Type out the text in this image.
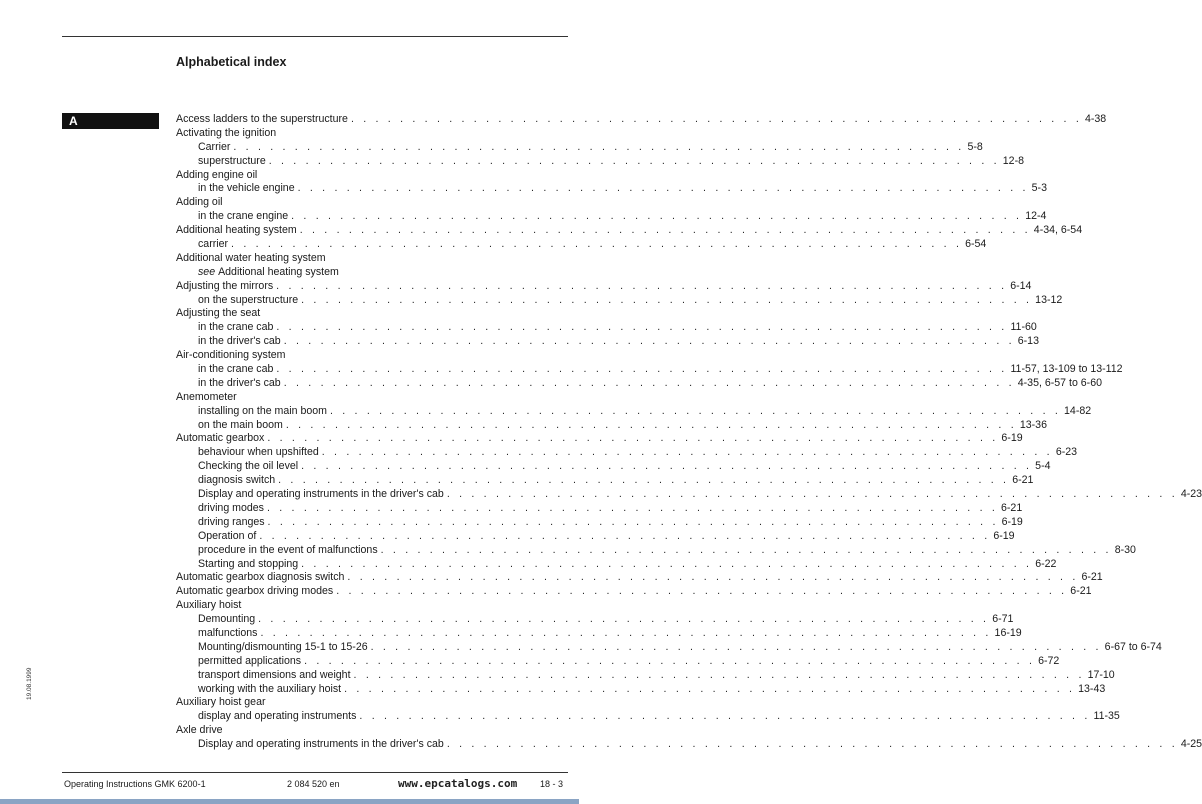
Alphabetical index
A	Access ladders to the superstructure . . . . . . . . . . . . . . . . . . . . . . . . . . . . . . . . . . . . . . . . . . . . . . . . . . . . . . . . . . . . 4-38
Activating the ignition
Carrier . . . . . . . . . . . . . . . . . . . . . . . . . . . . . . . . . . . . . . . . . . . . . . . . . . . . . . . . . . . . 5-8
superstructure . . . . . . . . . . . . . . . . . . . . . . . . . . . . . . . . . . . . . . . . . . . . . . . . . . . . . . . . . . . . 12-8
Adding engine oil
in the vehicle engine . . . . . . . . . . . . . . . . . . . . . . . . . . . . . . . . . . . . . . . . . . . . . . . . . . . . . . . . . . . . 5-3
Adding oil
in the crane engine . . . . . . . . . . . . . . . . . . . . . . . . . . . . . . . . . . . . . . . . . . . . . . . . . . . . . . . . . . . . 12-4
Additional heating system . . . . . . . . . . . . . . . . . . . . . . . . . . . . . . . . . . . . . . . . . . . . . . . . . . . . . . . . . . . . 4-34, 6-54
carrier . . . . . . . . . . . . . . . . . . . . . . . . . . . . . . . . . . . . . . . . . . . . . . . . . . . . . . . . . . . . 6-54
Additional water heating system
see Additional heating system
Adjusting the mirrors . . . . . . . . . . . . . . . . . . . . . . . . . . . . . . . . . . . . . . . . . . . . . . . . . . . . . . . . . . . . 6-14
on the superstructure . . . . . . . . . . . . . . . . . . . . . . . . . . . . . . . . . . . . . . . . . . . . . . . . . . . . . . . . . . . . 13-12
Adjusting the seat
in the crane cab . . . . . . . . . . . . . . . . . . . . . . . . . . . . . . . . . . . . . . . . . . . . . . . . . . . . . . . . . . . . 11-60
in the driver's cab . . . . . . . . . . . . . . . . . . . . . . . . . . . . . . . . . . . . . . . . . . . . . . . . . . . . . . . . . . . . 6-13
Air-conditioning system
in the crane cab . . . . . . . . . . . . . . . . . . . . . . . . . . . . . . . . . . . . . . . . . . . . . . . . . . . . . . . . . . . . 11-57, 13-109 to 13-112
in the driver's cab . . . . . . . . . . . . . . . . . . . . . . . . . . . . . . . . . . . . . . . . . . . . . . . . . . . . . . . . . . . . 4-35, 6-57 to 6-60
Anemometer
installing on the main boom . . . . . . . . . . . . . . . . . . . . . . . . . . . . . . . . . . . . . . . . . . . . . . . . . . . . . . . . . . . . 14-82
on the main boom . . . . . . . . . . . . . . . . . . . . . . . . . . . . . . . . . . . . . . . . . . . . . . . . . . . . . . . . . . . . 13-36
Automatic gearbox . . . . . . . . . . . . . . . . . . . . . . . . . . . . . . . . . . . . . . . . . . . . . . . . . . . . . . . . . . . . 6-19
behaviour when upshifted . . . . . . . . . . . . . . . . . . . . . . . . . . . . . . . . . . . . . . . . . . . . . . . . . . . . . . . . . . . . 6-23
Checking the oil level . . . . . . . . . . . . . . . . . . . . . . . . . . . . . . . . . . . . . . . . . . . . . . . . . . . . . . . . . . . . 5-4
diagnosis switch . . . . . . . . . . . . . . . . . . . . . . . . . . . . . . . . . . . . . . . . . . . . . . . . . . . . . . . . . . . . 6-21
Display and operating instruments in the driver's cab . . . . . . . . . . . . . . . . . . . . . . . . . . . . . . . . . . . . . . . . . . . . . . . . . . . . . . . . . . . . 4-23
driving modes . . . . . . . . . . . . . . . . . . . . . . . . . . . . . . . . . . . . . . . . . . . . . . . . . . . . . . . . . . . . 6-21
driving ranges . . . . . . . . . . . . . . . . . . . . . . . . . . . . . . . . . . . . . . . . . . . . . . . . . . . . . . . . . . . . 6-19
Operation of . . . . . . . . . . . . . . . . . . . . . . . . . . . . . . . . . . . . . . . . . . . . . . . . . . . . . . . . . . . . 6-19
procedure in the event of malfunctions . . . . . . . . . . . . . . . . . . . . . . . . . . . . . . . . . . . . . . . . . . . . . . . . . . . . . . . . . . . . 8-30
Starting and stopping . . . . . . . . . . . . . . . . . . . . . . . . . . . . . . . . . . . . . . . . . . . . . . . . . . . . . . . . . . . . 6-22
Automatic gearbox diagnosis switch . . . . . . . . . . . . . . . . . . . . . . . . . . . . . . . . . . . . . . . . . . . . . . . . . . . . . . . . . . . . 6-21
Automatic gearbox driving modes . . . . . . . . . . . . . . . . . . . . . . . . . . . . . . . . . . . . . . . . . . . . . . . . . . . . . . . . . . . . 6-21
Auxiliary hoist
Demounting . . . . . . . . . . . . . . . . . . . . . . . . . . . . . . . . . . . . . . . . . . . . . . . . . . . . . . . . . . . . 6-71
malfunctions . . . . . . . . . . . . . . . . . . . . . . . . . . . . . . . . . . . . . . . . . . . . . . . . . . . . . . . . . . . . 16-19
Mounting/dismounting 15-1 to 15-26 . . . . . . . . . . . . . . . . . . . . . . . . . . . . . . . . . . . . . . . . . . . . . . . . . . . . . . . . . . . . 6-67 to 6-74
permitted applications . . . . . . . . . . . . . . . . . . . . . . . . . . . . . . . . . . . . . . . . . . . . . . . . . . . . . . . . . . . . 6-72
transport dimensions and weight . . . . . . . . . . . . . . . . . . . . . . . . . . . . . . . . . . . . . . . . . . . . . . . . . . . . . . . . . . . . 17-10
working with the auxiliary hoist . . . . . . . . . . . . . . . . . . . . . . . . . . . . . . . . . . . . . . . . . . . . . . . . . . . . . . . . . . . . 13-43
Auxiliary hoist gear
display and operating instruments . . . . . . . . . . . . . . . . . . . . . . . . . . . . . . . . . . . . . . . . . . . . . . . . . . . . . . . . . . . . 11-35
Axle drive
Display and operating instruments in the driver's cab . . . . . . . . . . . . . . . . . . . . . . . . . . . . . . . . . . . . . . . . . . . . . . . . . . . . . . . . . . . . 4-25
19.08.1999
Operating Instructions GMK 6200-1	2 084 520 en	www.epcatalogs.com	18 - 3
